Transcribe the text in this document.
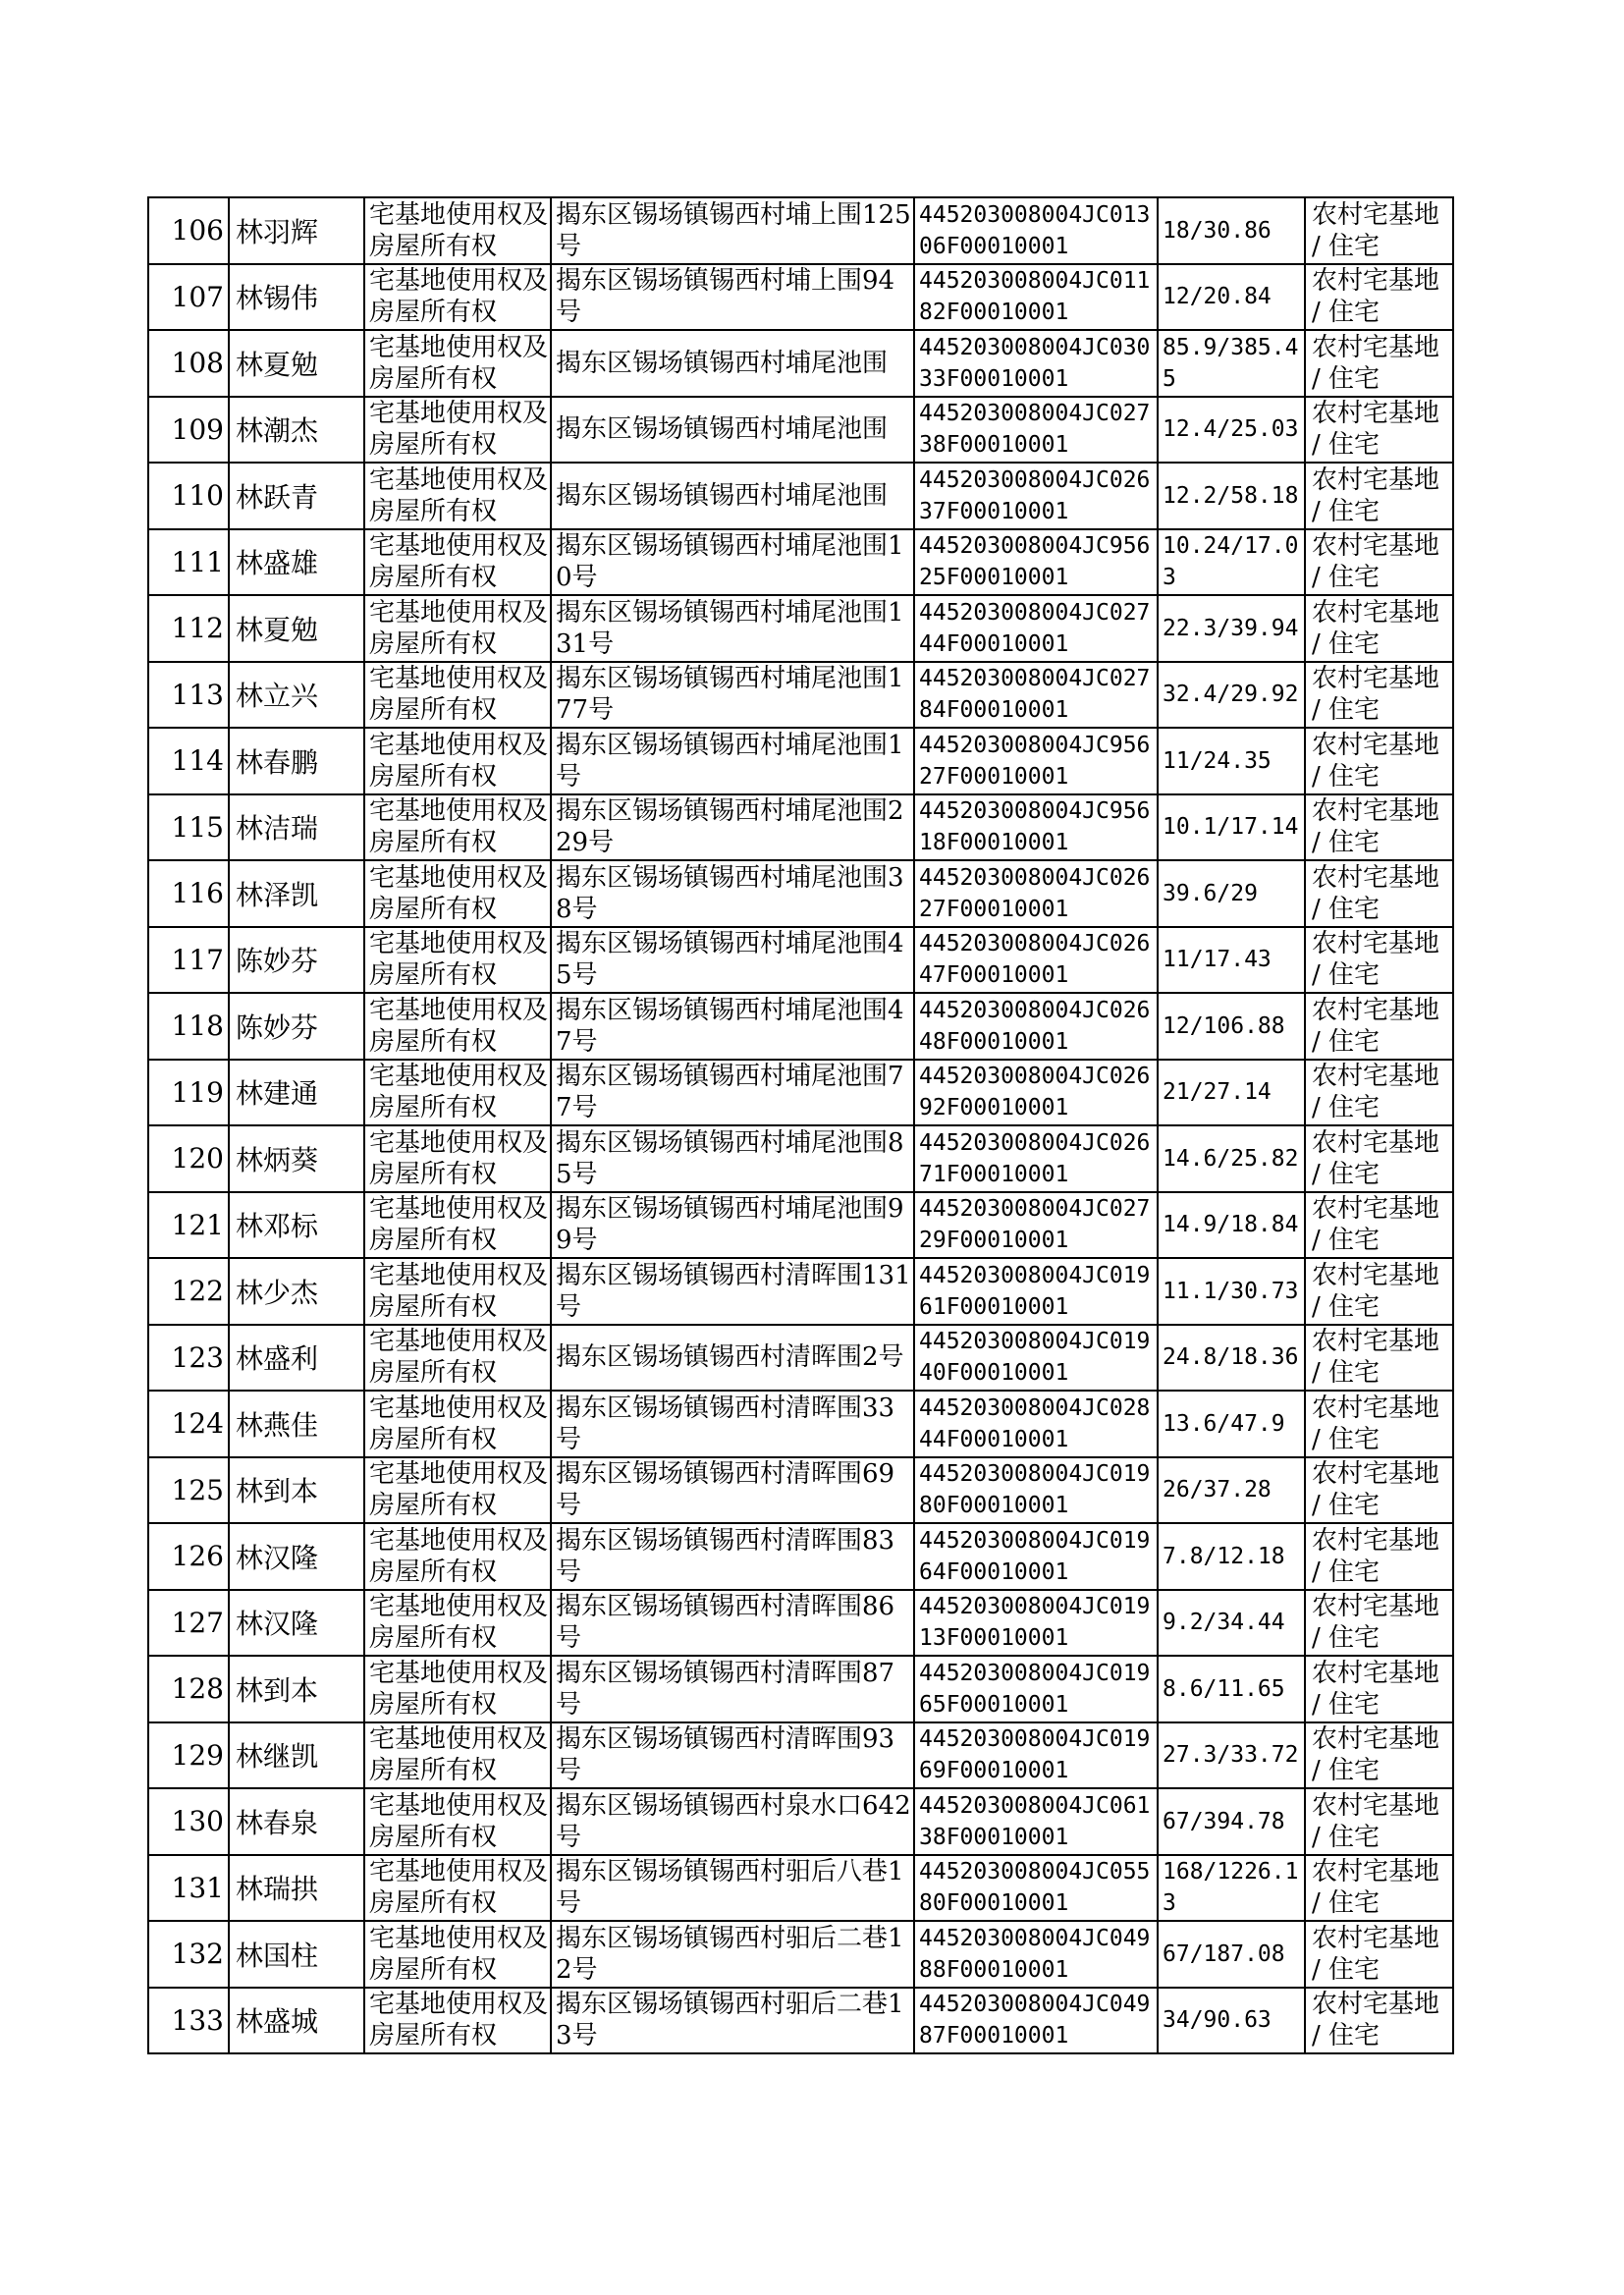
106	林羽辉	宅基地使用权及房屋所有权	揭东区锡场镇锡西村埔上围125号	445203008004JC01306F00010001	18/30.86	农村宅基地 / 住宅

107	林锡伟	宅基地使用权及房屋所有权	揭东区锡场镇锡西村埔上围94号	445203008004JC01182F00010001	12/20.84	农村宅基地 / 住宅

108	林夏勉	宅基地使用权及房屋所有权	揭东区锡场镇锡西村埔尾池围	445203008004JC03033F00010001	85.9/385.45	农村宅基地 / 住宅

109	林潮杰	宅基地使用权及房屋所有权	揭东区锡场镇锡西村埔尾池围	445203008004JC02738F00010001	12.4/25.03	农村宅基地 / 住宅

110	林跃青	宅基地使用权及房屋所有权	揭东区锡场镇锡西村埔尾池围	445203008004JC02637F00010001	12.2/58.18	农村宅基地 / 住宅

111	林盛雄	宅基地使用权及房屋所有权	揭东区锡场镇锡西村埔尾池围10号	445203008004JC95625F00010001	10.24/17.03	农村宅基地 / 住宅

112	林夏勉	宅基地使用权及房屋所有权	揭东区锡场镇锡西村埔尾池围131号	445203008004JC02744F00010001	22.3/39.94	农村宅基地 / 住宅

113	林立兴	宅基地使用权及房屋所有权	揭东区锡场镇锡西村埔尾池围177号	445203008004JC02784F00010001	32.4/29.92	农村宅基地 / 住宅

114	林春鹏	宅基地使用权及房屋所有权	揭东区锡场镇锡西村埔尾池围1号	445203008004JC95627F00010001	11/24.35	农村宅基地 / 住宅

115	林洁瑞	宅基地使用权及房屋所有权	揭东区锡场镇锡西村埔尾池围229号	445203008004JC95618F00010001	10.1/17.14	农村宅基地 / 住宅

116	林泽凯	宅基地使用权及房屋所有权	揭东区锡场镇锡西村埔尾池围38号	445203008004JC02627F00010001	39.6/29	农村宅基地 / 住宅

117	陈妙芬	宅基地使用权及房屋所有权	揭东区锡场镇锡西村埔尾池围45号	445203008004JC02647F00010001	11/17.43	农村宅基地 / 住宅

118	陈妙芬	宅基地使用权及房屋所有权	揭东区锡场镇锡西村埔尾池围47号	445203008004JC02648F00010001	12/106.88	农村宅基地 / 住宅

119	林建通	宅基地使用权及房屋所有权	揭东区锡场镇锡西村埔尾池围77号	445203008004JC02692F00010001	21/27.14	农村宅基地 / 住宅

120	林炳葵	宅基地使用权及房屋所有权	揭东区锡场镇锡西村埔尾池围85号	445203008004JC02671F00010001	14.6/25.82	农村宅基地 / 住宅

121	林邓标	宅基地使用权及房屋所有权	揭东区锡场镇锡西村埔尾池围99号	445203008004JC02729F00010001	14.9/18.84	农村宅基地 / 住宅

122	林少杰	宅基地使用权及房屋所有权	揭东区锡场镇锡西村清晖围131号	445203008004JC01961F00010001	11.1/30.73	农村宅基地 / 住宅

123	林盛利	宅基地使用权及房屋所有权	揭东区锡场镇锡西村清晖围2号	445203008004JC01940F00010001	24.8/18.36	农村宅基地 / 住宅

124	林燕佳	宅基地使用权及房屋所有权	揭东区锡场镇锡西村清晖围33号	445203008004JC02844F00010001	13.6/47.9	农村宅基地 / 住宅

125	林到本	宅基地使用权及房屋所有权	揭东区锡场镇锡西村清晖围69号	445203008004JC01980F00010001	26/37.28	农村宅基地 / 住宅

126	林汉隆	宅基地使用权及房屋所有权	揭东区锡场镇锡西村清晖围83号	445203008004JC01964F00010001	7.8/12.18	农村宅基地 / 住宅

127	林汉隆	宅基地使用权及房屋所有权	揭东区锡场镇锡西村清晖围86号	445203008004JC01913F00010001	9.2/34.44	农村宅基地 / 住宅

128	林到本	宅基地使用权及房屋所有权	揭东区锡场镇锡西村清晖围87号	445203008004JC01965F00010001	8.6/11.65	农村宅基地 / 住宅

129	林继凯	宅基地使用权及房屋所有权	揭东区锡场镇锡西村清晖围93号	445203008004JC01969F00010001	27.3/33.72	农村宅基地 / 住宅

130	林春泉	宅基地使用权及房屋所有权	揭东区锡场镇锡西村泉水口642号	445203008004JC06138F00010001	67/394.78	农村宅基地 / 住宅

131	林瑞拱	宅基地使用权及房屋所有权	揭东区锡场镇锡西村驲后八巷1号	445203008004JC05580F00010001	168/1226.13	农村宅基地 / 住宅

132	林国柱	宅基地使用权及房屋所有权	揭东区锡场镇锡西村驲后二巷12号	445203008004JC04988F00010001	67/187.08	农村宅基地 / 住宅

133	林盛城	宅基地使用权及房屋所有权	揭东区锡场镇锡西村驲后二巷13号	445203008004JC04987F00010001	34/90.63	农村宅基地 / 住宅
